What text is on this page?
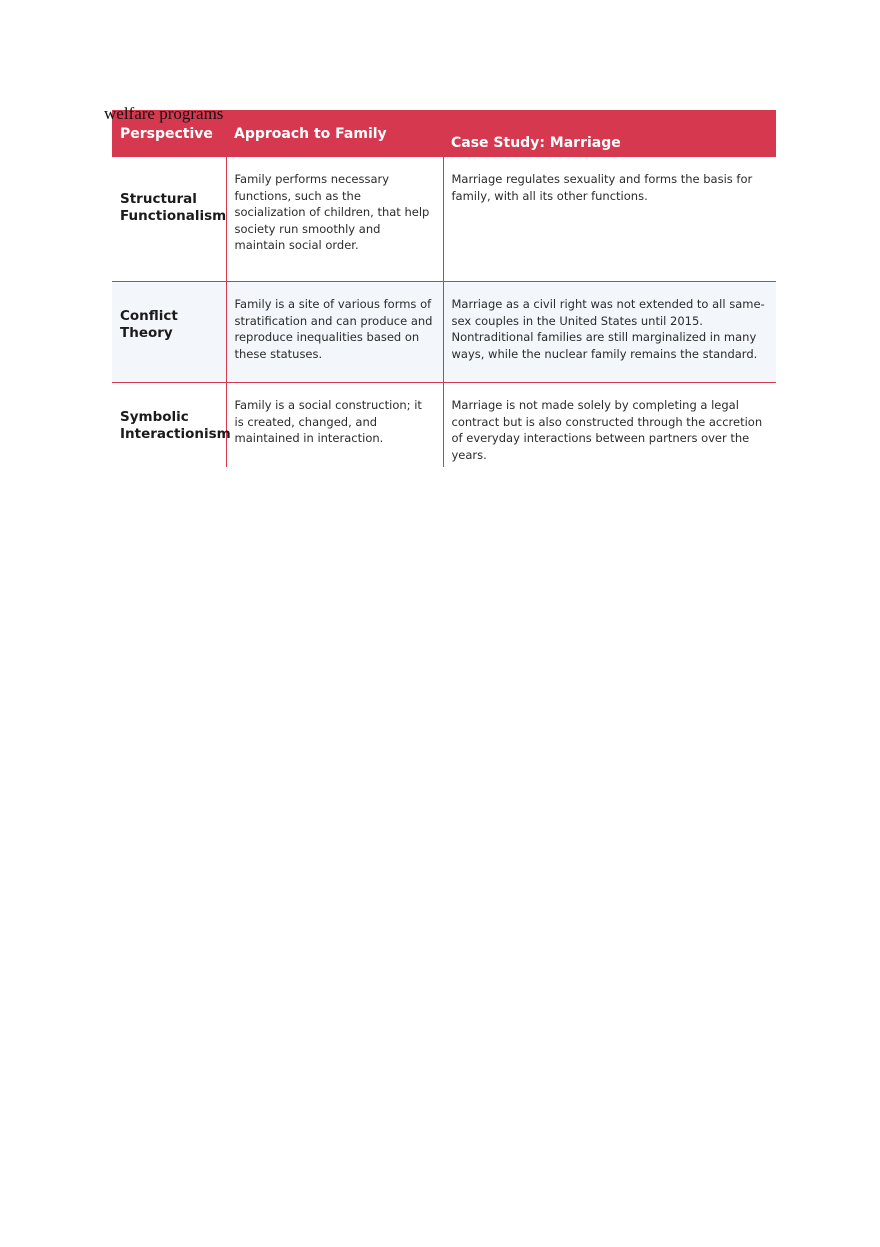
welfare programs
Perspective	Approach to Family	Case Study: Marriage
Structural Functionalism	Family performs necessary functions, such as the socialization of children, that help society run smoothly and maintain social order.	Marriage regulates sexuality and forms the basis for family, with all its other functions.
Conflict Theory	Family is a site of various forms of stratification and can produce and reproduce inequalities based on these statuses.	Marriage as a civil right was not extended to all same-sex couples in the United States until 2015. Nontraditional families are still marginalized in many ways, while the nuclear family remains the standard.
Symbolic Interactionism	Family is a social construction; it is created, changed, and maintained in interaction.	Marriage is not made solely by completing a legal contract but is also constructed through the accretion of everyday interactions between partners over the years.
